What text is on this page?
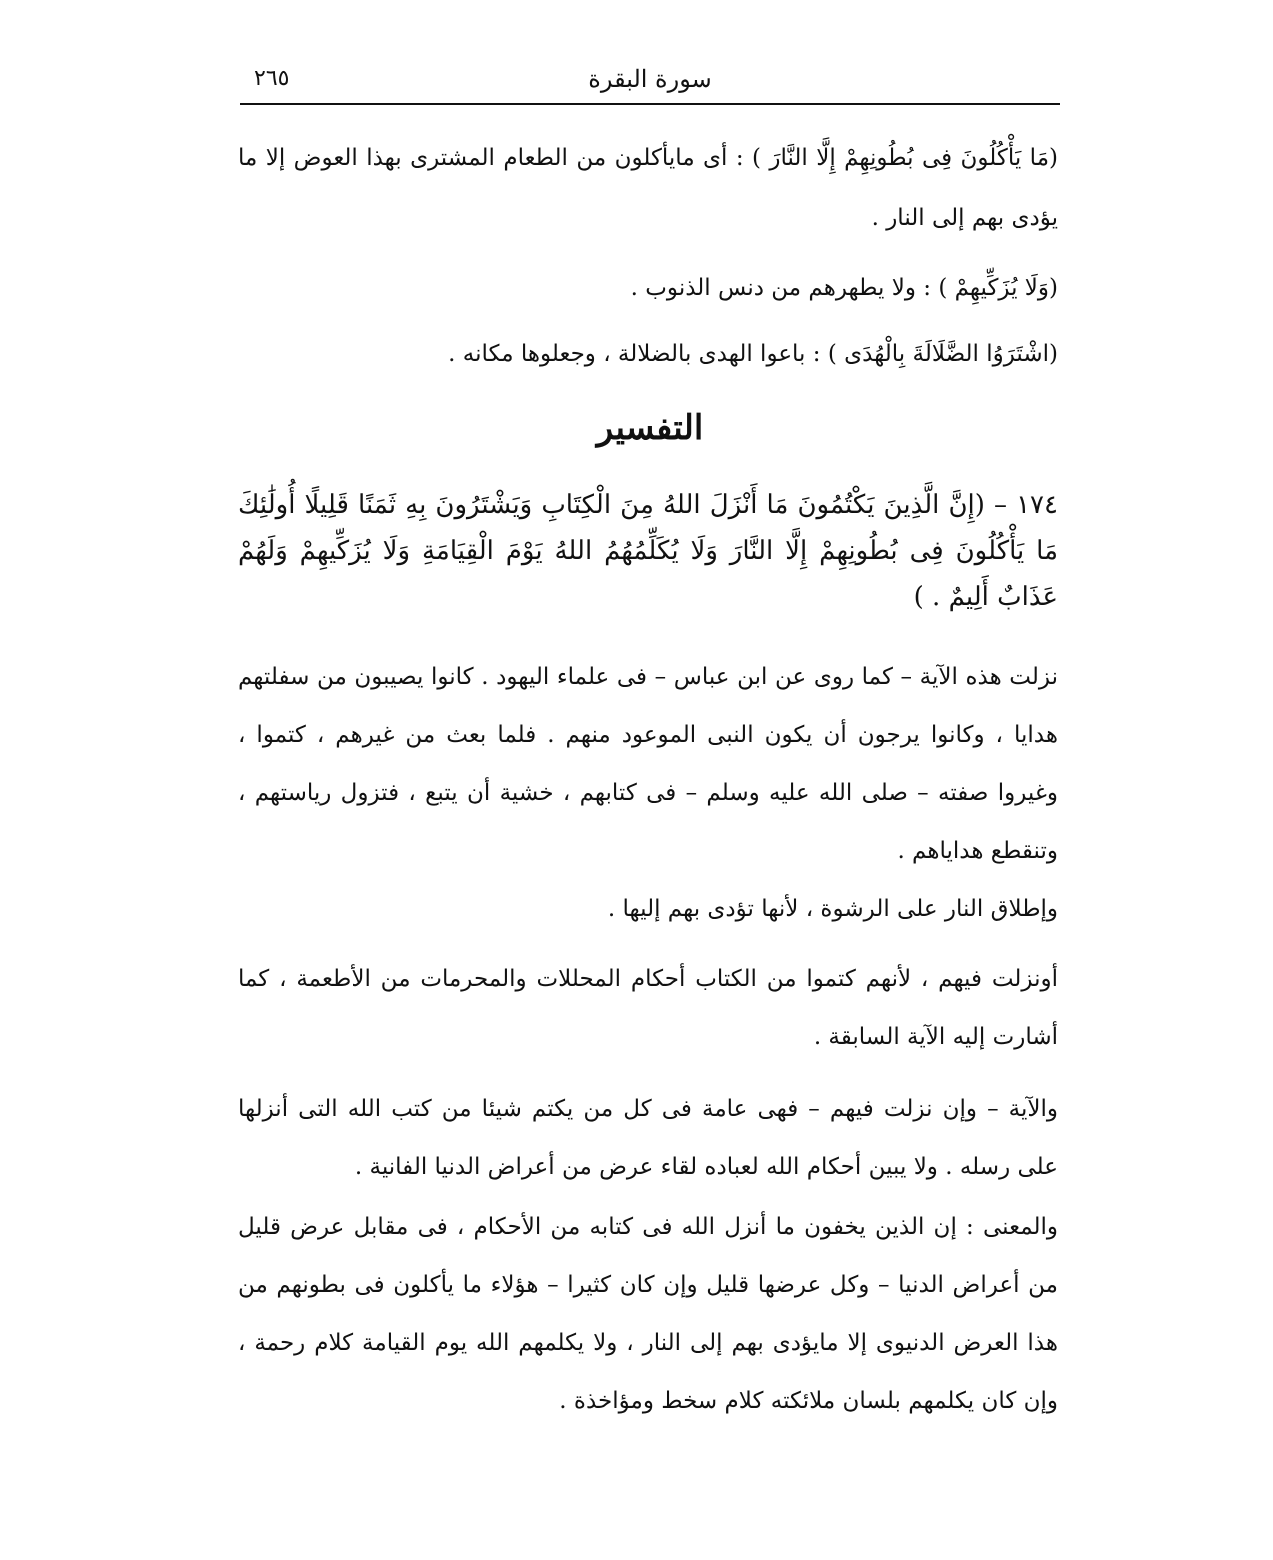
سورة البقرة
٢٦٥

(مَا يَأْكُلُونَ فِى بُطُونِهِمْ إِلَّا النَّارَ ) : أى مايأكلون من الطعام المشترى بهذا العوض إلا ما يؤدى بهم إلى النار .

(وَلَا يُزَكِّيهِمْ ) : ولا يطهرهم من دنس الذنوب .

(اشْتَرَوُا الضَّلَالَةَ بِالْهُدَى ) : باعوا الهدى بالضلالة ، وجعلوها مكانه .

التفسير

١٧٤ – (إِنَّ الَّذِينَ يَكْتُمُونَ مَا أَنْزَلَ اللهُ مِنَ الْكِتَابِ وَيَشْتَرُونَ بِهِ ثَمَنًا قَلِيلًا أُولَٰئِكَ مَا يَأْكُلُونَ فِى بُطُونِهِمْ إِلَّا النَّارَ وَلَا يُكَلِّمُهُمُ اللهُ يَوْمَ الْقِيَامَةِ وَلَا يُزَكِّيهِمْ وَلَهُمْ عَذَابٌ أَلِيمٌ . )

نزلت هذه الآية – كما روى عن ابن عباس – فى علماء اليهود . كانوا يصيبون من سفلتهم هدايا ، وكانوا يرجون أن يكون النبى الموعود منهم . فلما بعث من غيرهم ، كتموا ، وغيروا صفته – صلى الله عليه وسلم – فى كتابهم ، خشية أن يتبع ، فتزول رياستهم ، وتنقطع هداياهم .

وإطلاق النار على الرشوة ، لأنها تؤدى بهم إليها .

أونزلت فيهم ، لأنهم كتموا من الكتاب أحكام المحللات والمحرمات من الأطعمة ، كما أشارت إليه الآية السابقة .

والآية – وإن نزلت فيهم – فهى عامة فى كل من يكتم شيئا من كتب الله التى أنزلها على رسله . ولا يبين أحكام الله لعباده لقاء عرض من أعراض الدنيا الفانية .

والمعنى : إن الذين يخفون ما أنزل الله فى كتابه من الأحكام ، فى مقابل عرض قليل من أعراض الدنيا – وكل عرضها قليل وإن كان كثيرا – هؤلاء ما يأكلون فى بطونهم من هذا العرض الدنيوى إلا مايؤدى بهم إلى النار ، ولا يكلمهم الله يوم القيامة كلام رحمة ، وإن كان يكلمهم بلسان ملائكته كلام سخط ومؤاخذة .
